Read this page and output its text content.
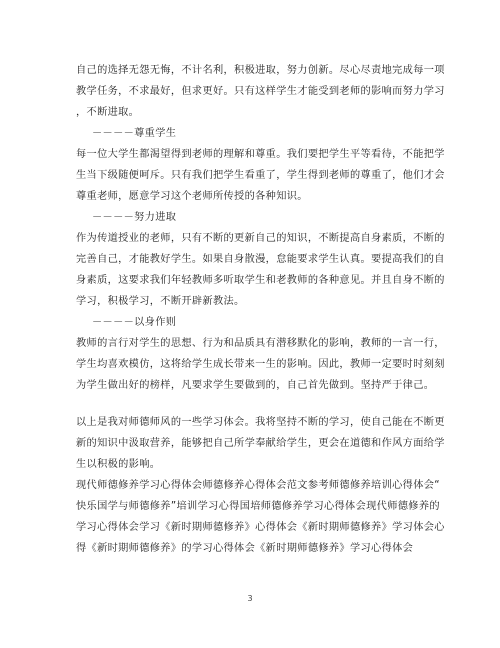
自己的选择无怨无悔，不计名利，积极进取，努力创新。尽心尽责地完成每一项
教学任务，不求最好，但求更好。只有这样学生才能受到老师的影响而努力学习
，不断进取。
－－－－尊重学生
每一位大学生都渴望得到老师的理解和尊重。我们要把学生平等看待，不能把学
生当下级随便呵斥。只有我们把学生看重了，学生得到老师的尊重了，他们才会
尊重老师，愿意学习这个老师所传授的各种知识。
－－－－努力进取
作为传道授业的老师，只有不断的更新自己的知识，不断提高自身素质，不断的
完善自己，才能教好学生。如果自身散漫，怠能要求学生认真。要提高我们的自
身素质，这要求我们年轻教师多听取学生和老教师的各种意见。并且自身不断的
学习，积极学习，不断开辟新教法。
－－－－以身作则
教师的言行对学生的思想、行为和品质具有潜移默化的影响，教师的一言一行，
学生均喜欢模仿，这将给学生成长带来一生的影响。因此，教师一定要时时刻刻
为学生做出好的榜样，凡要求学生要做到的，自己首先做到。坚持严于律己。
以上是我对师德师风的一些学习体会。我将坚持不断的学习，使自己能在不断更
新的知识中汲取营养，能够把自己所学奉献给学生，更会在道德和作风方面给学
生以积极的影响。
现代师德修养学习心得体会师德修养心得体会范文参考师德修养培训心得体会“
快乐国学与师德修养”培训学习心得国培师德修养学习心得体会现代师德修养的
学习心得体会学习《新时期师德修养》心得体会《新时期师德修养》学习体会心
得《新时期师德修养》的学习心得体会《新时期师德修养》学习心得体会
3
